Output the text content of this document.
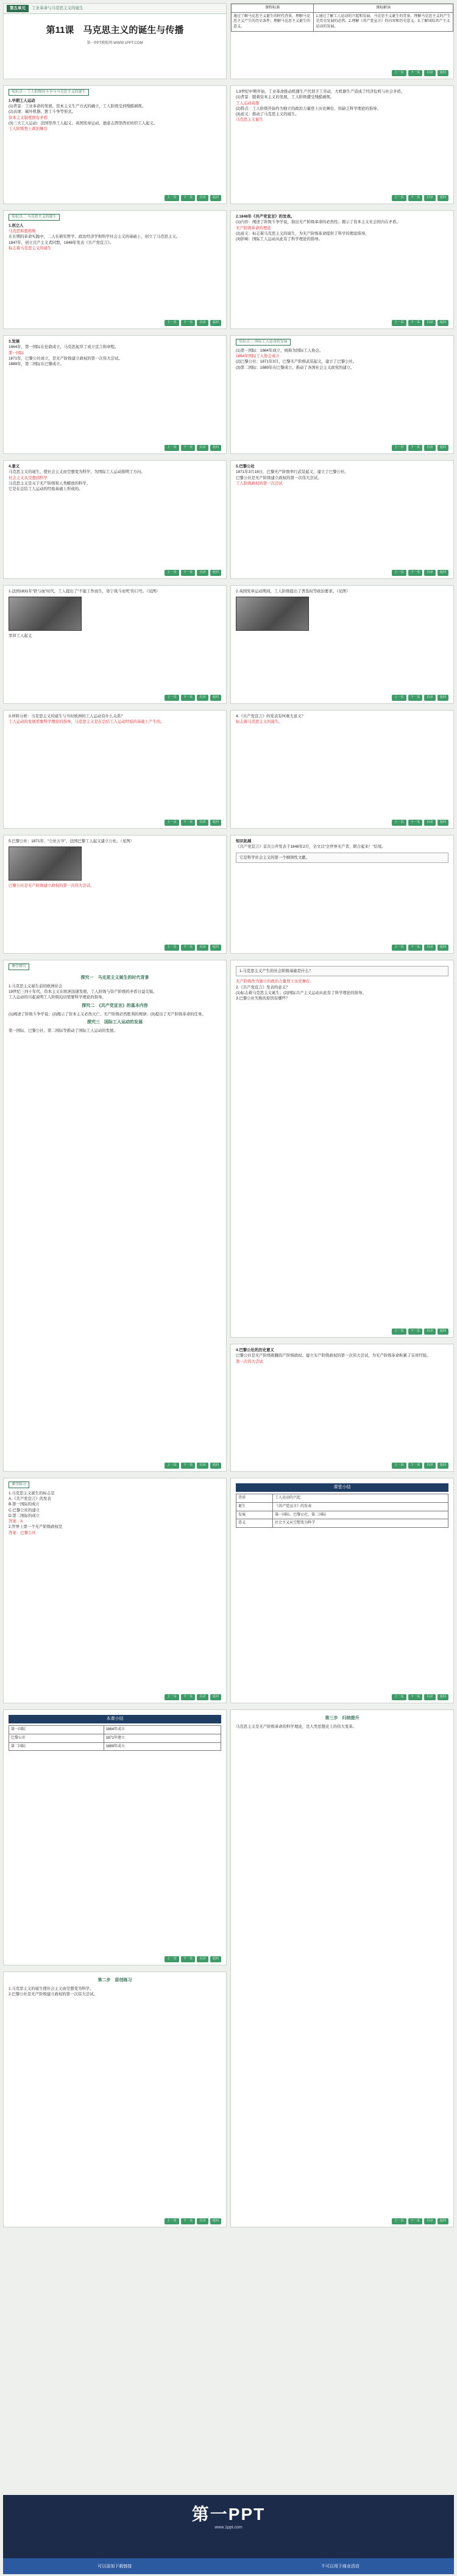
第五单元	工业革命与马克思主义的诞生
第11课　马克思主义的诞生与传播
第一PPT模板网-WWW.1PPT.COM
课程标准	课标解读
通过了解马克思主义诞生的时代背景，理解马克思主义产生的历史条件；理解马克思主义诞生的意义。	1.通过了解工人运动的兴起和发展、马克思主义诞生的背景，理解马克思主义的产生是历史发展的必然。2.理解《共产党宣言》的内容和历史意义。3.了解国际共产主义运动的发展。
上一页	下一页	目录	返回
知识点一 工人阶级的斗争与马克思主义的诞生
1.早期工人运动
(1)背景：工业革命的发展，资本主义生产方式的确立，工人阶级受到残酷剥削。
(2)表现：破坏机器、罢工斗争等形式。
资本主义制度固有矛盾
(3)三大工人运动：法国里昂工人起义、英国宪章运动、德意志西里西亚纺织工人起义。
工人阶级登上政治舞台
上一页	下一页	目录	返回
1.8世纪中期开始，工业革命推动机器生产代替手工劳动，大机器生产造成了经济危机与社会矛盾。
(1)背景：随着资本主义的发展，工人阶级遭受残酷剥削。
工人运动高涨
(2)特点：工人阶级开始作为独立的政治力量登上历史舞台，但缺乏科学理论的指导。
(3)意义：推动了马克思主义的诞生。
马克思主义诞生
上一页	下一页	目录	返回
知识点二 马克思主义的诞生
1.创立人
马克思和恩格斯
在长期的革命实践中，二人在研究哲学、政治经济学和科学社会主义的基础上，创立了马克思主义。
1847年，创立共产主义者同盟，1848年发表《共产党宣言》。
标志着马克思主义的诞生
上一页	下一页	目录	返回
2.1848年《共产党宣言》的发表。
(1)内容：阐述了阶级斗争学说，指出无产阶级革命的必然性；揭示了资本主义社会的内在矛盾。
无产阶级革命的理论
(2)意义：标志着马克思主义的诞生，为无产阶级革命提供了科学的理论指导。
(3)影响：国际工人运动从此有了科学理论的指导。
上一页	下一页	目录	返回
3.发展
1864年，第一国际在伦敦成立，马克思起草了成立宣言和章程。
第一国际
1871年，巴黎公社成立，是无产阶级建立政权的第一次伟大尝试。
1889年，第二国际在巴黎成立。
上一页	下一页	目录	返回
知识点三 国际工人运动的发展
(1)第一国际：1864年成立，统称为国际工人协会。
1864年国际工人协会成立
(2)巴黎公社：1871年3月，巴黎无产阶级武装起义，建立了巴黎公社。
(3)第二国际：1889年在巴黎成立，推动了各国社会主义政党的建立。
上一页	下一页	目录	返回
4.意义
马克思主义的诞生，使社会主义由空想变为科学，为国际工人运动指明了方向。
社会主义从空想到科学
马克思主义是关于无产阶级和人类解放的科学。
它是在总结工人运动的经验基础上形成的。
上一页	下一页	目录	返回
5.巴黎公社
1871年3月18日，巴黎无产阶级举行武装起义，建立了巴黎公社。
巴黎公社是无产阶级建立政权的第一次伟大尝试。
工人阶级政权的第一次尝试
上一页	下一页	目录	返回
1.法国1831年“铁与血”时代，工人提出了“不能工作而生，毋宁战斗而死”的口号。（见图）
里昂工人起义
上一页	下一页	目录	返回
2.英国宪章运动期间，工人阶级提出了普选权等政治要求。（见图）
上一页	下一页	目录	返回
3.材料分析：马克思主义的诞生与当时欧洲的工人运动有什么关系？
工人运动的发展需要科学理论的指导，马克思主义是在总结工人运动经验的基础上产生的。
上一页	下一页	目录	返回
4.《共产党宣言》的发表有何重大意义？
标志着马克思主义的诞生。
上一页	下一页	目录	返回
5.巴黎公社：1871年，“公社万岁”，法国巴黎工人起义建立公社。（见图）
巴黎公社是无产阶级建立政权的第一次伟大尝试。
上一页	下一页	目录	返回
知识拓展
《共产党宣言》首次公开发表于1848年2月，全文以“全世界无产者，联合起来！”结尾。
它是科学社会主义的第一个纲领性文献。
上一页	下一页	目录	返回
课堂探究
探究一　马克思主义诞生的时代背景
1.马克思主义诞生前的欧洲社会
19世纪三四十年代，资本主义在欧洲迅速发展，工人阶级与资产阶级的矛盾日益尖锐。
工人运动的兴起说明工人阶级迫切需要科学理论的指导。
探究二　《共产党宣言》的基本内容
(1)阐述了阶级斗争学说；(2)揭示了资本主义必然灭亡、无产阶级必然胜利的规律；(3)提出了无产阶级革命的任务。
探究三　国际工人运动的发展
第一国际、巴黎公社、第二国际等推动了国际工人运动的发展。
上一页	下一页	目录	返回
1.马克思主义产生的社会阶级基础是什么？
无产阶级作为独立的政治力量登上历史舞台。
2.《共产党宣言》发表的意义？
(1)标志着马克思主义诞生；(2)国际共产主义运动从此有了科学理论的指导。
3.巴黎公社失败的原因有哪些？
上一页	下一页	目录	返回
4.巴黎公社的历史意义
巴黎公社是无产阶级推翻资产阶级政权、建立无产阶级政权的第一次伟大尝试，为无产阶级革命积累了宝贵经验。
第一次伟大尝试
上一页	下一页	目录	返回
课堂练习
1.马克思主义诞生的标志是
A.《共产党宣言》的发表
B.第一国际的成立
C.巴黎公社的建立
D.第二国际的成立
答案：A
2.世界上第一个无产阶级政权是
答案：巴黎公社
上一页	下一页	目录	返回
课堂小结
背景	工人运动的兴起
诞生	《共产党宣言》的发表
发展	第一国际、巴黎公社、第二国际
意义	社会主义从空想变为科学
上一页	下一页	目录	返回
本课小结
第一国际	1864年成立
巴黎公社	1871年建立
第二国际	1889年成立
上一页	下一页	目录	返回
第二步　原创练习
1.马克思主义的诞生使社会主义由空想变为科学。
2.巴黎公社是无产阶级建立政权的第一次伟大尝试。
上一页	下一页	目录	返回
第三步　归纳提升
马克思主义是无产阶级革命的科学理论，是人类思想史上的伟大变革。
上一页	下一页	目录	返回
第一PPT
www.1ppt.com
可以添加下载链接	不可以用于商业活动
